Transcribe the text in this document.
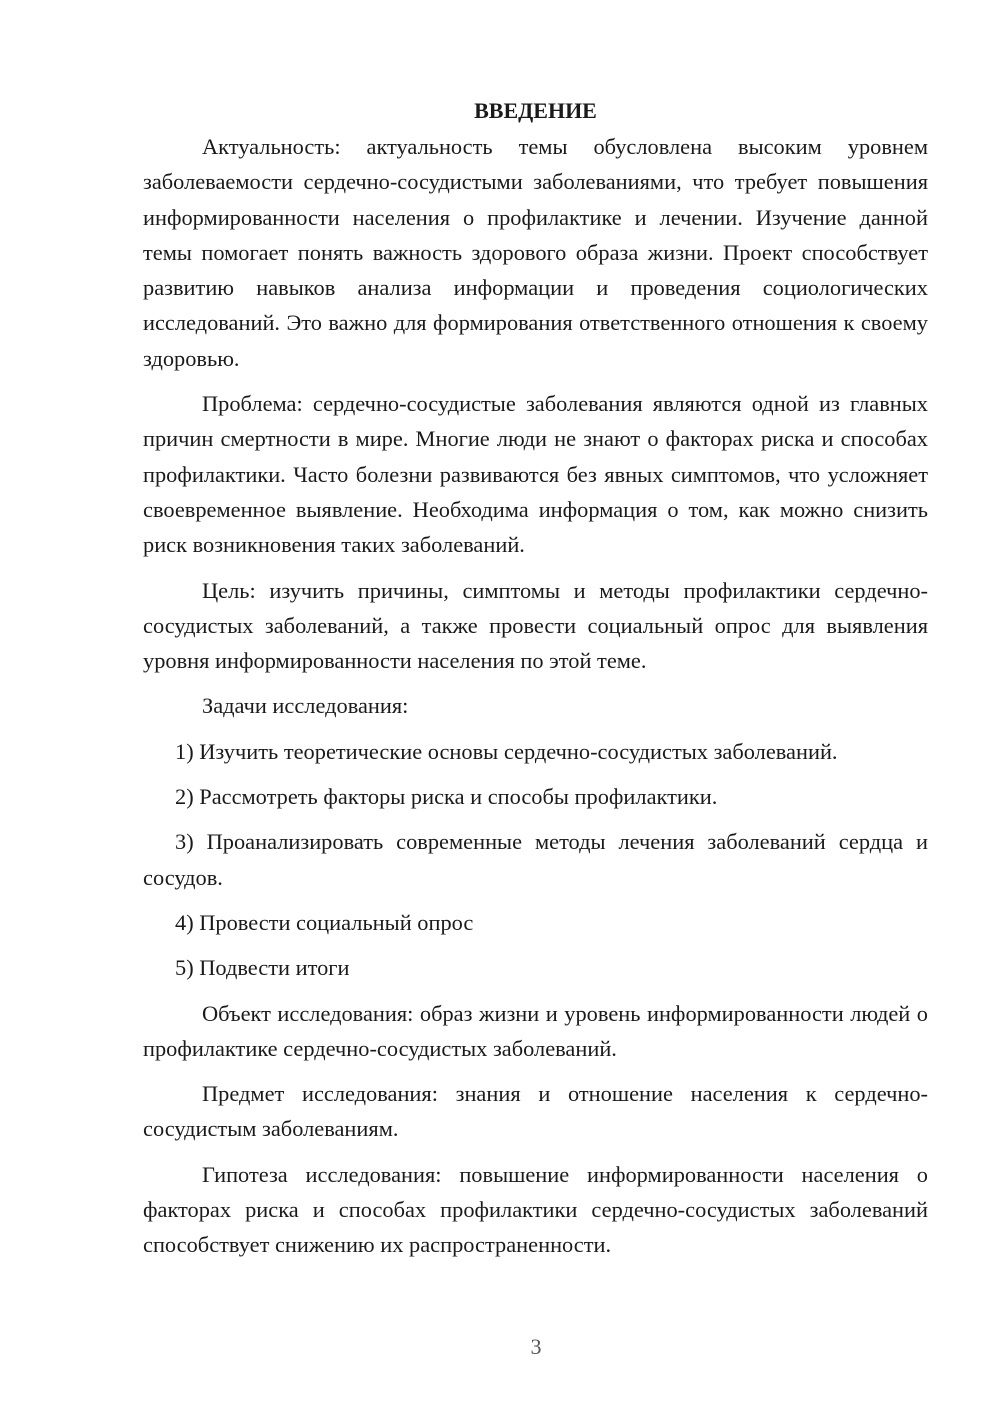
ВВЕДЕНИЕ

Актуальность: актуальность темы обусловлена высоким уровнем заболеваемости сердечно-сосудистыми заболеваниями, что требует повышения информированности населения о профилактике и лечении. Изучение данной темы помогает понять важность здорового образа жизни. Проект способствует развитию навыков анализа информации и проведения социологических исследований. Это важно для формирования ответственного отношения к своему здоровью.

Проблема: сердечно-сосудистые заболевания являются одной из главных причин смертности в мире. Многие люди не знают о факторах риска и способах профилактики. Часто болезни развиваются без явных симптомов, что усложняет своевременное выявление. Необходима информация о том, как можно снизить риск возникновения таких заболеваний.

Цель: изучить причины, симптомы и методы профилактики сердечно-сосудистых заболеваний, а также провести социальный опрос для выявления уровня информированности населения по этой теме.

Задачи исследования:

1) Изучить теоретические основы сердечно-сосудистых заболеваний.

2) Рассмотреть факторы риска и способы профилактики.

3) Проанализировать современные методы лечения заболеваний сердца и сосудов.

4) Провести социальный опрос

5) Подвести итоги

Объект исследования: образ жизни и уровень информированности людей о профилактике сердечно-сосудистых заболеваний.

Предмет исследования: знания и отношение населения к сердечно-сосудистым заболеваниям.

Гипотеза исследования: повышение информированности населения о факторах риска и способах профилактики сердечно-сосудистых заболеваний способствует снижению их распространенности.

3
